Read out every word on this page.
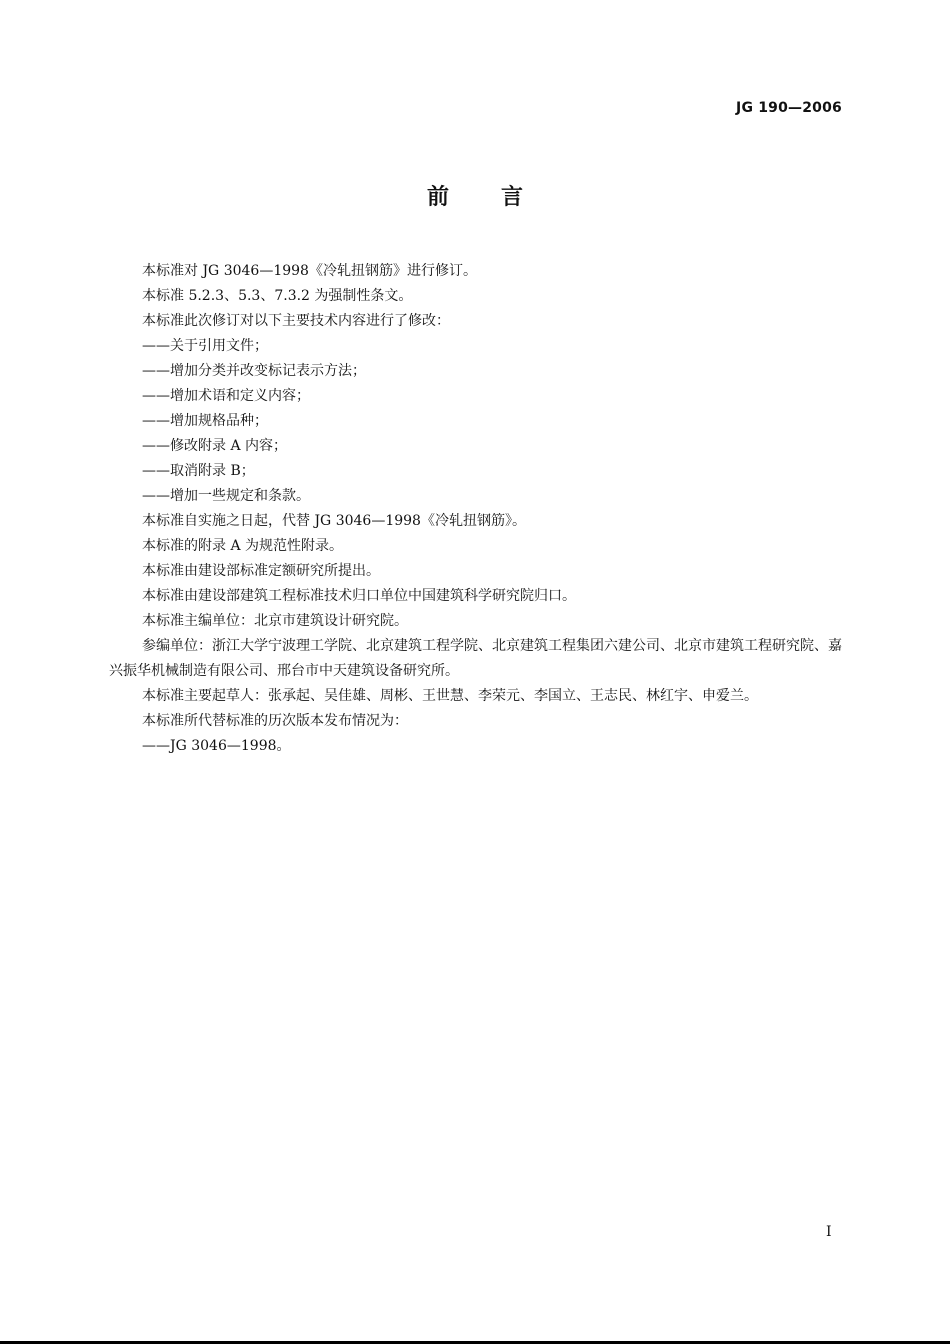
JG 190—2006
前言

本标准对 JG 3046—1998《冷轧扭钢筋》进行修订。

本标准 5.2.3、5.3、7.3.2 为强制性条文。

本标准此次修订对以下主要技术内容进行了修改：

——关于引用文件；

——增加分类并改变标记表示方法；

——增加术语和定义内容；

——增加规格品种；

——修改附录 A 内容；

——取消附录 B；

——增加一些规定和条款。

本标准自实施之日起，代替 JG 3046—1998《冷轧扭钢筋》。

本标准的附录 A 为规范性附录。

本标准由建设部标准定额研究所提出。

本标准由建设部建筑工程标准技术归口单位中国建筑科学研究院归口。

本标准主编单位：北京市建筑设计研究院。

参编单位：浙江大学宁波理工学院、北京建筑工程学院、北京建筑工程集团六建公司、北京市建筑工程研究院、嘉兴振华机械制造有限公司、邢台市中天建筑设备研究所。

本标准主要起草人：张承起、吴佳雄、周彬、王世慧、李荣元、李国立、王志民、林红宇、申爱兰。

本标准所代替标准的历次版本发布情况为：

——JG 3046—1998。

I
